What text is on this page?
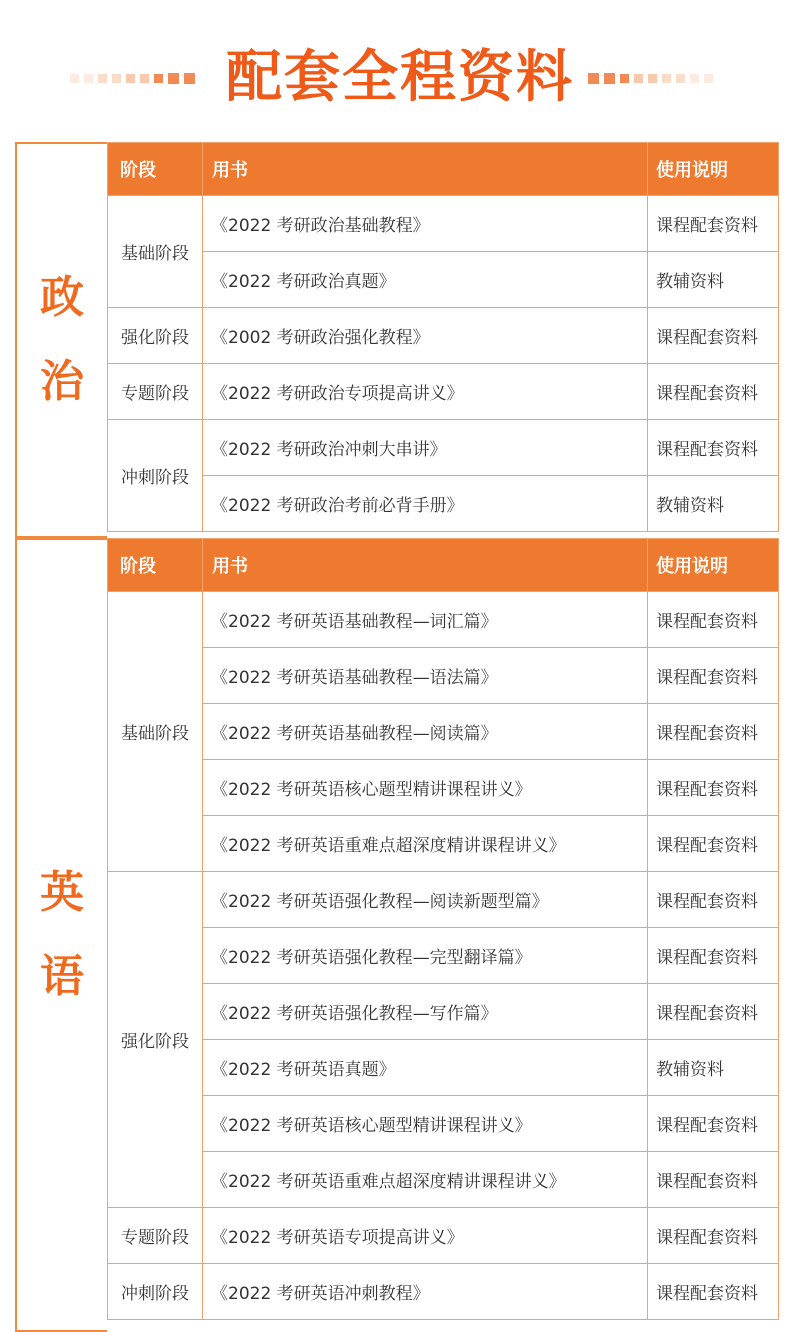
配套全程资料
政
治
阶段	用书	使用说明
基础阶段	《2022 考研政治基础教程》	课程配套资料
	《2022 考研政治真题》	教辅资料
强化阶段	《2002 考研政治强化教程》	课程配套资料
专题阶段	《2022 考研政治专项提高讲义》	课程配套资料
冲刺阶段	《2022 考研政治冲刺大串讲》	课程配套资料
	《2022 考研政治考前必背手册》	教辅资料
英
语
阶段	用书	使用说明
基础阶段	《2022 考研英语基础教程—词汇篇》	课程配套资料
	《2022 考研英语基础教程—语法篇》	课程配套资料
	《2022 考研英语基础教程—阅读篇》	课程配套资料
	《2022 考研英语核心题型精讲课程讲义》	课程配套资料
	《2022 考研英语重难点超深度精讲课程讲义》	课程配套资料
强化阶段	《2022 考研英语强化教程—阅读新题型篇》	课程配套资料
	《2022 考研英语强化教程—完型翻译篇》	课程配套资料
	《2022 考研英语强化教程—写作篇》	课程配套资料
	《2022 考研英语真题》	教辅资料
	《2022 考研英语核心题型精讲课程讲义》	课程配套资料
	《2022 考研英语重难点超深度精讲课程讲义》	课程配套资料
专题阶段	《2022 考研英语专项提高讲义》	课程配套资料
冲刺阶段	《2022 考研英语冲刺教程》	课程配套资料
